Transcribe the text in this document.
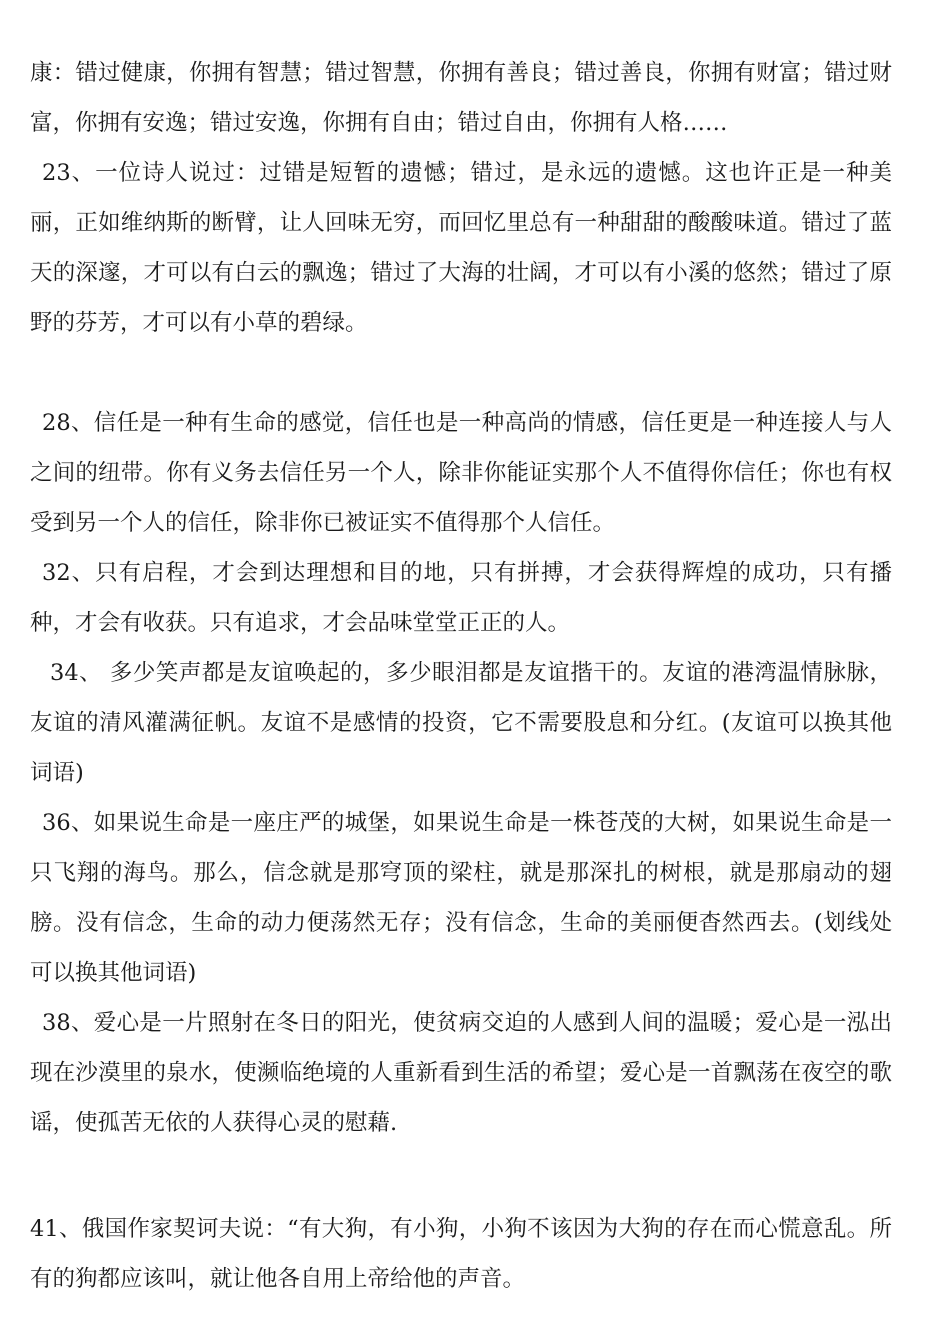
康：错过健康，你拥有智慧；错过智慧，你拥有善良；错过善良，你拥有财富；错过财富，你拥有安逸；错过安逸，你拥有自由；错过自由，你拥有人格……

23、一位诗人说过：过错是短暂的遗憾；错过，是永远的遗憾。这也许正是一种美丽，正如维纳斯的断臂，让人回味无穷，而回忆里总有一种甜甜的酸酸味道。错过了蓝天的深邃，才可以有白云的飘逸；错过了大海的壮阔，才可以有小溪的悠然；错过了原野的芬芳，才可以有小草的碧绿。

28、信任是一种有生命的感觉，信任也是一种高尚的情感，信任更是一种连接人与人之间的纽带。你有义务去信任另一个人，除非你能证实那个人不值得你信任；你也有权受到另一个人的信任，除非你已被证实不值得那个人信任。

32、只有启程，才会到达理想和目的地，只有拼搏，才会获得辉煌的成功，只有播种，才会有收获。只有追求，才会品味堂堂正正的人。

34、 多少笑声都是友谊唤起的，多少眼泪都是友谊揩干的。友谊的港湾温情脉脉，友谊的清风灌满征帆。友谊不是感情的投资，它不需要股息和分红。(友谊可以换其他词语)

36、如果说生命是一座庄严的城堡，如果说生命是一株苍茂的大树，如果说生命是一只飞翔的海鸟。那么，信念就是那穹顶的梁柱，就是那深扎的树根，就是那扇动的翅膀。没有信念，生命的动力便荡然无存；没有信念，生命的美丽便杳然西去。(划线处可以换其他词语)

38、爱心是一片照射在冬日的阳光，使贫病交迫的人感到人间的温暖；爱心是一泓出现在沙漠里的泉水，使濒临绝境的人重新看到生活的希望；爱心是一首飘荡在夜空的歌谣，使孤苦无依的人获得心灵的慰藉.

41、俄国作家契诃夫说：“有大狗，有小狗，小狗不该因为大狗的存在而心慌意乱。所有的狗都应该叫，就让他各自用上帝给他的声音。
